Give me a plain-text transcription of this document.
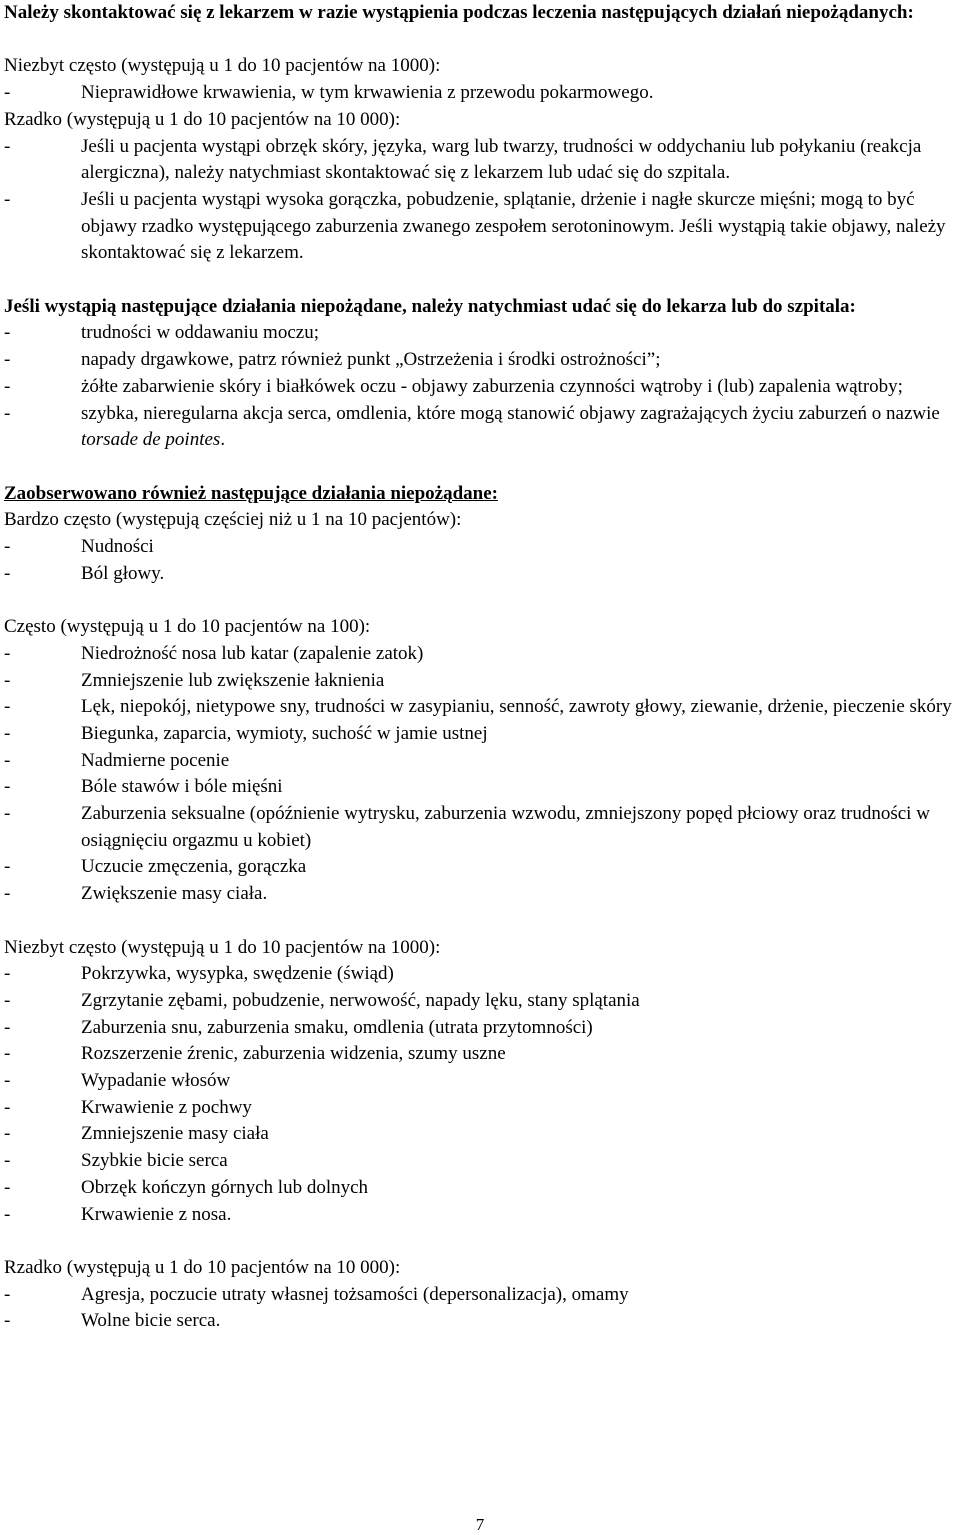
Należy skontaktować się z lekarzem w razie wystąpienia podczas leczenia następujących działań niepożądanych:

Niezbyt często (występują u 1 do 10 pacjentów na 1000):

- Nieprawidłowe krwawienia, w tym krwawienia z przewodu pokarmowego.

Rzadko (występują u 1 do 10 pacjentów na 10 000):

- Jeśli u pacjenta wystąpi obrzęk skóry, języka, warg lub twarzy, trudności w oddychaniu lub połykaniu (reakcja alergiczna), należy natychmiast skontaktować się z lekarzem lub udać się do szpitala.
- Jeśli u pacjenta wystąpi wysoka gorączka, pobudzenie, splątanie, drżenie i nagłe skurcze mięśni; mogą to być objawy rzadko występującego zaburzenia zwanego zespołem serotoninowym. Jeśli wystąpią takie objawy, należy skontaktować się z lekarzem.

Jeśli wystąpią następujące działania niepożądane, należy natychmiast udać się do lekarza lub do szpitala:

- trudności w oddawaniu moczu;
- napady drgawkowe, patrz również punkt „Ostrzeżenia i środki ostrożności”;
- żółte zabarwienie skóry i białkówek oczu - objawy zaburzenia czynności wątroby i (lub) zapalenia wątroby;
- szybka, nieregularna akcja serca, omdlenia, które mogą stanowić objawy zagrażających życiu zaburzeń o nazwie torsade de pointes.

Zaobserwowano również następujące działania niepożądane:

Bardzo często (występują częściej niż u 1 na 10 pacjentów):

- Nudności
- Ból głowy.

Często (występują u 1 do 10 pacjentów na 100):

- Niedrożność nosa lub katar (zapalenie zatok)
- Zmniejszenie lub zwiększenie łaknienia
- Lęk, niepokój, nietypowe sny, trudności w zasypianiu, senność, zawroty głowy, ziewanie, drżenie, pieczenie skóry
- Biegunka, zaparcia, wymioty, suchość w jamie ustnej
- Nadmierne pocenie
- Bóle stawów i bóle mięśni
- Zaburzenia seksualne (opóźnienie wytrysku, zaburzenia wzwodu, zmniejszony popęd płciowy oraz trudności w osiągnięciu orgazmu u kobiet)
- Uczucie zmęczenia, gorączka
- Zwiększenie masy ciała.

Niezbyt często (występują u 1 do 10 pacjentów na 1000):

- Pokrzywka, wysypka, swędzenie (świąd)
- Zgrzytanie zębami, pobudzenie, nerwowość, napady lęku, stany splątania
- Zaburzenia snu, zaburzenia smaku, omdlenia (utrata przytomności)
- Rozszerzenie źrenic, zaburzenia widzenia, szumy uszne
- Wypadanie włosów
- Krwawienie z pochwy
- Zmniejszenie masy ciała
- Szybkie bicie serca
- Obrzęk kończyn górnych lub dolnych
- Krwawienie z nosa.

Rzadko (występują u 1 do 10 pacjentów na 10 000):

- Agresja, poczucie utraty własnej tożsamości (depersonalizacja), omamy
- Wolne bicie serca.
7
